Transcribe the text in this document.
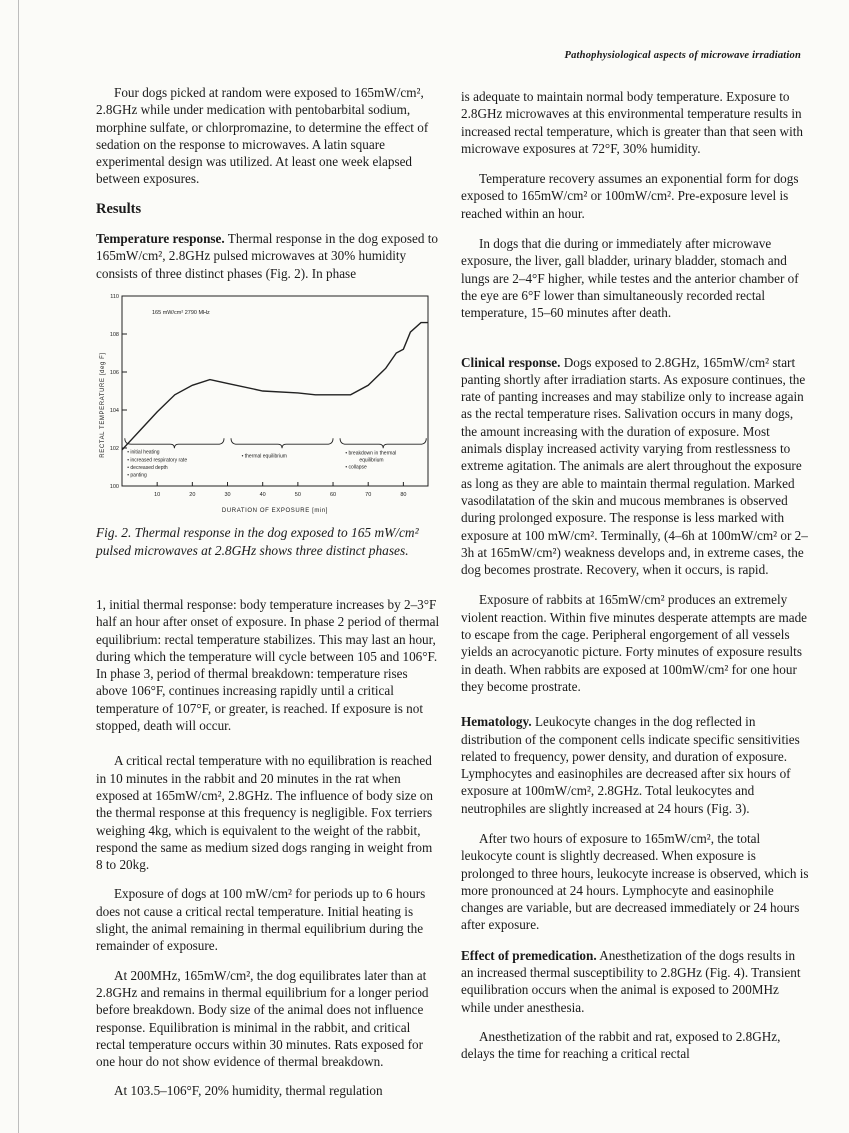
Pathophysiological aspects of microwave irradiation

Four dogs picked at random were exposed to 165mW/cm², 2.8GHz while under medication with pentobarbital sodium, morphine sulfate, or chlorpromazine, to determine the effect of sedation on the response to microwaves. A latin square experimental design was utilized. At least one week elapsed between exposures.

Results

Temperature response. Thermal response in the dog exposed to 165mW/cm², 2.8GHz pulsed microwaves at 30% humidity consists of three distinct phases (Fig. 2). In phase

100
102
104
106
108
110
10	20	30	40	50	60	70	80
DURATION OF EXPOSURE [min]
RECTAL TEMPERATURE [deg F]
165 mW/cm² 2790 MHz
• initial heating
• increased respiratory rate
• decreased depth
• panting
• thermal equilibrium	• breakdown in thermal
equilibrium
• collapse

Fig. 2. Thermal response in the dog exposed to 165 mW/cm² pulsed microwaves at 2.8GHz shows three distinct phases.

1, initial thermal response: body temperature increases by 2–3°F half an hour after onset of exposure. In phase 2 period of thermal equilibrium: rectal temperature stabilizes. This may last an hour, during which the temperature will cycle between 105 and 106°F. In phase 3, period of thermal breakdown: temperature rises above 106°F, continues increasing rapidly until a critical temperature of 107°F, or greater, is reached. If exposure is not stopped, death will occur.

A critical rectal temperature with no equilibration is reached in 10 minutes in the rabbit and 20 minutes in the rat when exposed at 165mW/cm², 2.8GHz. The influence of body size on the thermal response at this frequency is negligible. Fox terriers weighing 4kg, which is equivalent to the weight of the rabbit, respond the same as medium sized dogs ranging in weight from 8 to 20kg.

Exposure of dogs at 100 mW/cm² for periods up to 6 hours does not cause a critical rectal temperature. Initial heating is slight, the animal remaining in thermal equilibrium during the remainder of exposure.

At 200MHz, 165mW/cm², the dog equilibrates later than at 2.8GHz and remains in thermal equilibrium for a longer period before breakdown. Body size of the animal does not influence response. Equilibration is minimal in the rabbit, and critical rectal temperature occurs within 30 minutes. Rats exposed for one hour do not show evidence of thermal breakdown.

At 103.5–106°F, 20% humidity, thermal regulation

is adequate to maintain normal body temperature. Exposure to 2.8GHz microwaves at this environmental temperature results in increased rectal temperature, which is greater than that seen with microwave exposures at 72°F, 30% humidity.

Temperature recovery assumes an exponential form for dogs exposed to 165mW/cm² or 100mW/cm². Pre-exposure level is reached within an hour.

In dogs that die during or immediately after microwave exposure, the liver, gall bladder, urinary bladder, stomach and lungs are 2–4°F higher, while testes and the anterior chamber of the eye are 6°F lower than simultaneously recorded rectal temperature, 15–60 minutes after death.

Clinical response. Dogs exposed to 2.8GHz, 165mW/cm² start panting shortly after irradiation starts. As exposure continues, the rate of panting increases and may stabilize only to increase again as the rectal temperature rises. Salivation occurs in many dogs, the amount increasing with the duration of exposure. Most animals display increased activity varying from restlessness to extreme agitation. The animals are alert throughout the exposure as long as they are able to maintain thermal regulation. Marked vasodilatation of the skin and mucous membranes is observed during prolonged exposure. The response is less marked with exposure at 100 mW/cm². Terminally, (4–6h at 100mW/cm² or 2–3h at 165mW/cm²) weakness develops and, in extreme cases, the dog becomes prostrate. Recovery, when it occurs, is rapid.

Exposure of rabbits at 165mW/cm² produces an extremely violent reaction. Within five minutes desperate attempts are made to escape from the cage. Peripheral engorgement of all vessels yields an acrocyanotic picture. Forty minutes of exposure results in death. When rabbits are exposed at 100mW/cm² for one hour they become prostrate.

Hematology. Leukocyte changes in the dog reflected in distribution of the component cells indicate specific sensitivities related to frequency, power density, and duration of exposure. Lymphocytes and easinophiles are decreased after six hours of exposure at 100mW/cm², 2.8GHz. Total leukocytes and neutrophiles are slightly increased at 24 hours (Fig. 3).

After two hours of exposure to 165mW/cm², the total leukocyte count is slightly decreased. When exposure is prolonged to three hours, leukocyte increase is observed, which is more pronounced at 24 hours. Lymphocyte and easinophile changes are variable, but are decreased immediately or 24 hours after exposure.

Effect of premedication. Anesthetization of the dogs results in an increased thermal susceptibility to 2.8GHz (Fig. 4). Transient equilibration occurs when the animal is exposed to 200MHz while under anesthesia.

Anesthetization of the rabbit and rat, exposed to 2.8GHz, delays the time for reaching a critical rectal
